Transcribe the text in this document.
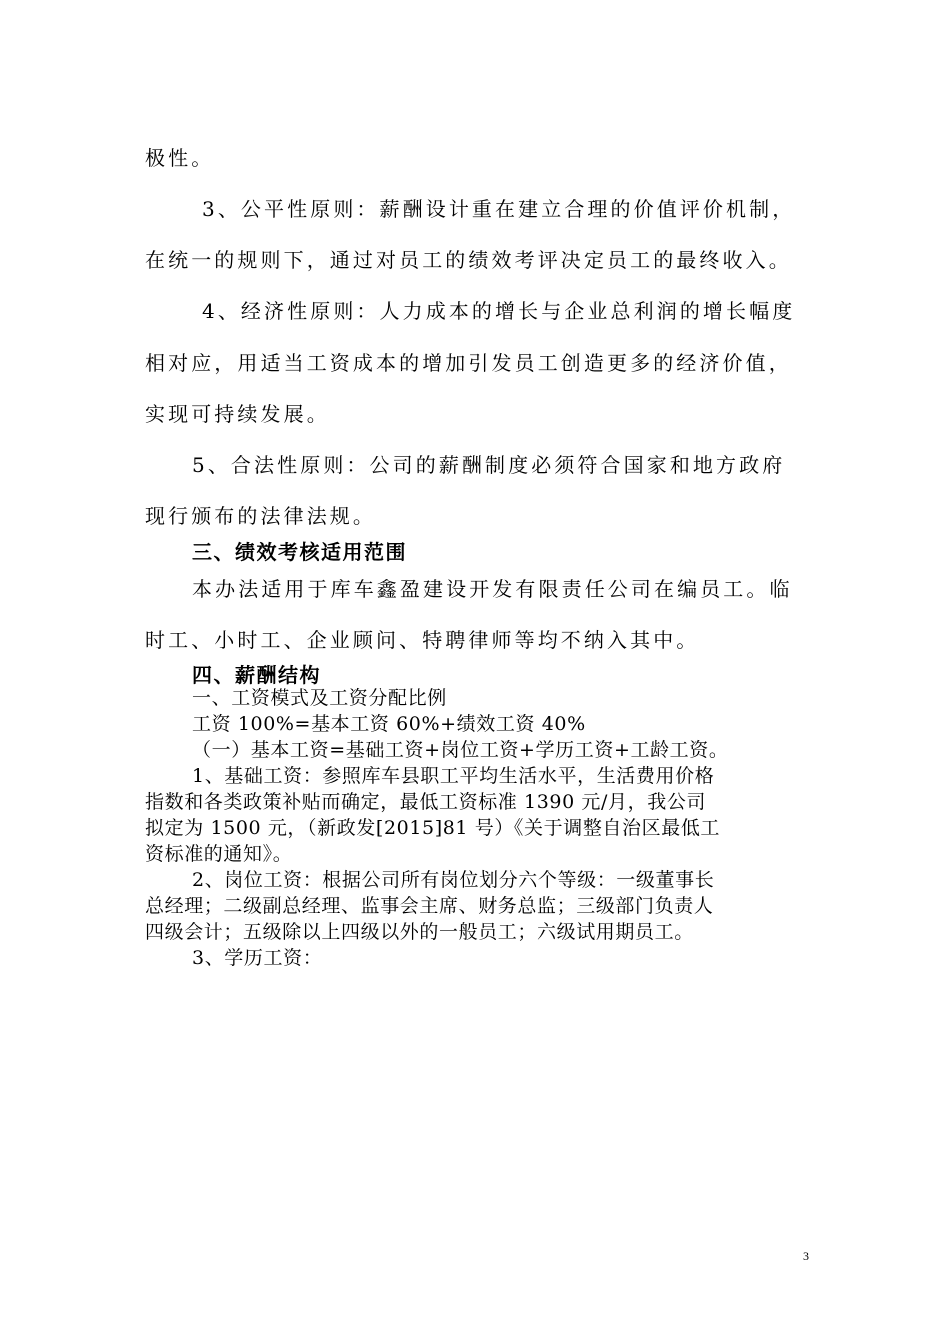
极性。
3、公平性原则：薪酬设计重在建立合理的价值评价机制，
在统一的规则下，通过对员工的绩效考评决定员工的最终收入。
4、经济性原则：人力成本的增长与企业总利润的增长幅度
相对应，用适当工资成本的增加引发员工创造更多的经济价值，
实现可持续发展。
5、合法性原则：公司的薪酬制度必须符合国家和地方政府
现行颁布的法律法规。
三、绩效考核适用范围
本办法适用于库车鑫盈建设开发有限责任公司在编员工。临
时工、小时工、企业顾问、特聘律师等均不纳入其中。
四、薪酬结构
一、工资模式及工资分配比例
工资 100%=基本工资 60%+绩效工资 40%
（一）基本工资=基础工资+岗位工资+学历工资+工龄工资。
1、基础工资：参照库车县职工平均生活水平，生活费用价格
指数和各类政策补贴而确定，最低工资标准 1390 元/月，我公司
拟定为 1500 元，（新政发[2015]81 号）《关于调整自治区最低工
资标准的通知》。
2、岗位工资：根据公司所有岗位划分六个等级：一级董事长
总经理；二级副总经理、监事会主席、财务总监；三级部门负责人
四级会计；五级除以上四级以外的一般员工；六级试用期员工。
3、学历工资：
3
